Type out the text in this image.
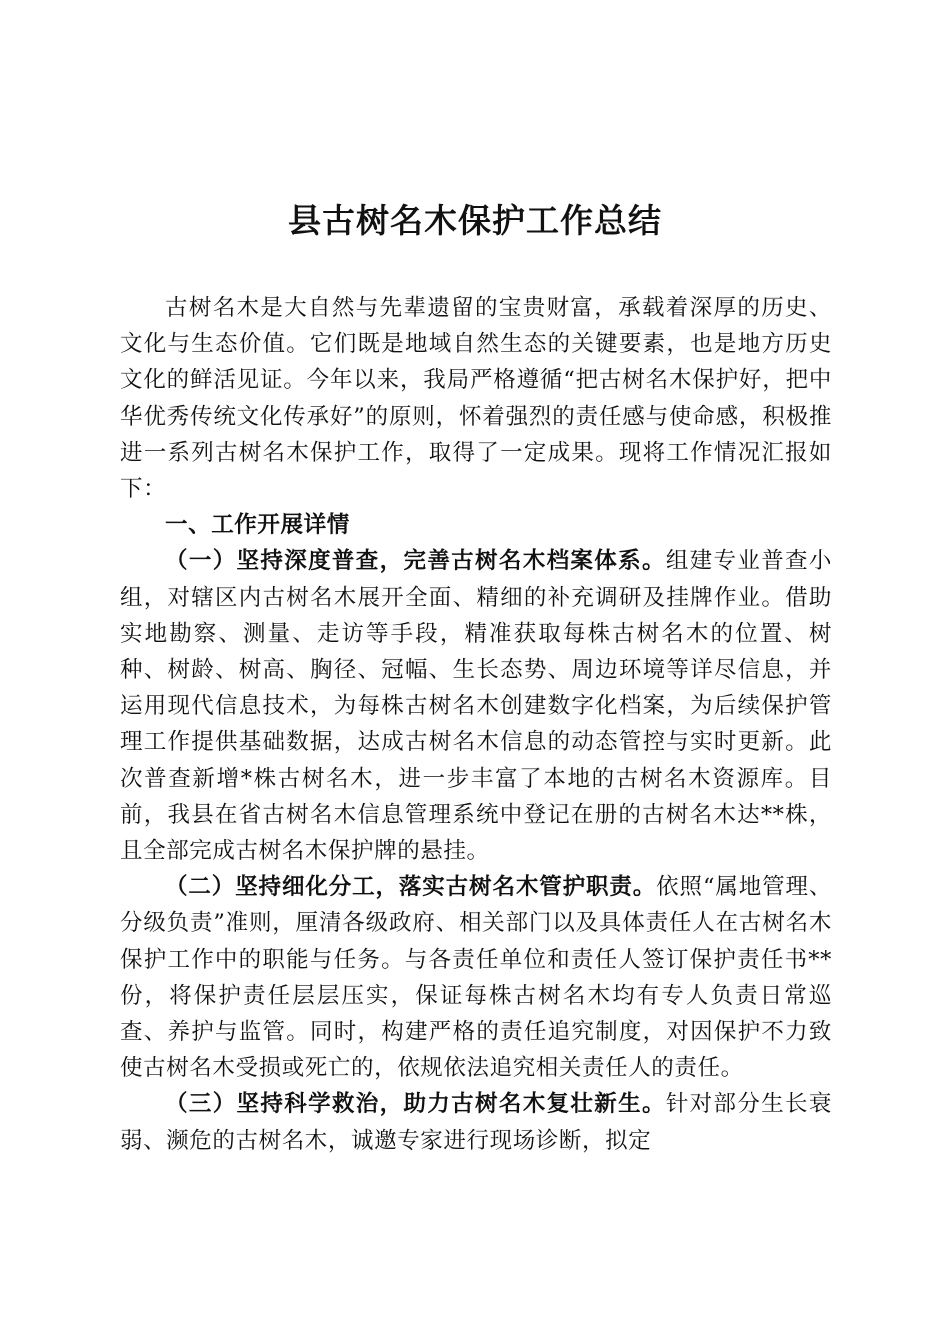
县古树名木保护工作总结

古树名木是大自然与先辈遗留的宝贵财富，承载着深厚的历史、文化与生态价值。它们既是地域自然生态的关键要素，也是地方历史文化的鲜活见证。今年以来，我局严格遵循“把古树名木保护好，把中华优秀传统文化传承好”的原则，怀着强烈的责任感与使命感，积极推进一系列古树名木保护工作，取得了一定成果。现将工作情况汇报如下：

一、工作开展详情

（一）坚持深度普查，完善古树名木档案体系。组建专业普查小组，对辖区内古树名木展开全面、精细的补充调研及挂牌作业。借助实地勘察、测量、走访等手段，精准获取每株古树名木的位置、树种、树龄、树高、胸径、冠幅、生长态势、周边环境等详尽信息，并运用现代信息技术，为每株古树名木创建数字化档案，为后续保护管理工作提供基础数据，达成古树名木信息的动态管控与实时更新。此次普查新增*株古树名木，进一步丰富了本地的古树名木资源库。目前，我县在省古树名木信息管理系统中登记在册的古树名木达**株，且全部完成古树名木保护牌的悬挂。

（二）坚持细化分工，落实古树名木管护职责。依照“属地管理、分级负责”准则，厘清各级政府、相关部门以及具体责任人在古树名木保护工作中的职能与任务。与各责任单位和责任人签订保护责任书**份，将保护责任层层压实，保证每株古树名木均有专人负责日常巡查、养护与监管。同时，构建严格的责任追究制度，对因保护不力致使古树名木受损或死亡的，依规依法追究相关责任人的责任。

（三）坚持科学救治，助力古树名木复壮新生。针对部分生长衰弱、濒危的古树名木，诚邀专家进行现场诊断，拟定
